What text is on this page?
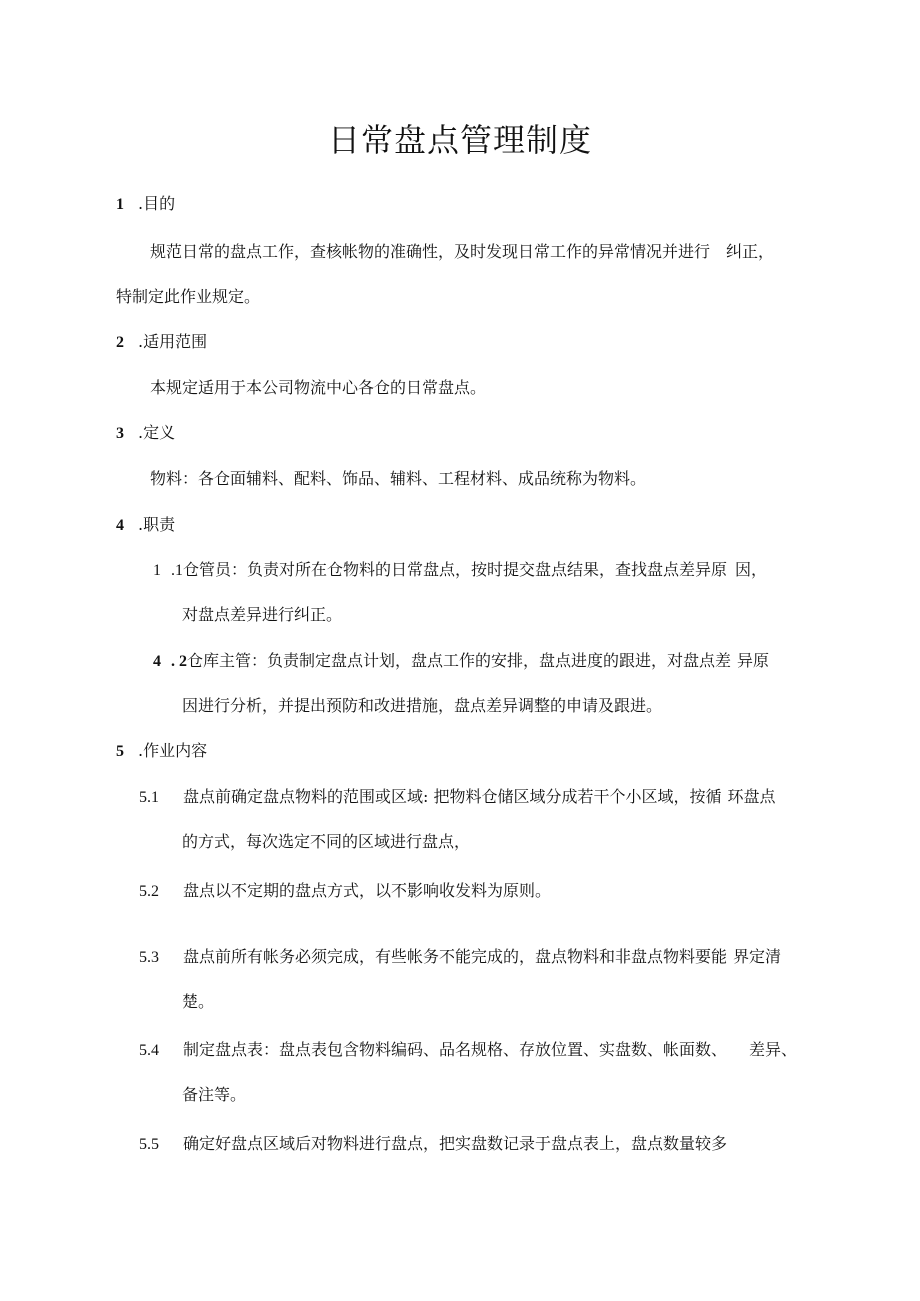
日常盘点管理制度
1 .目的
规范日常的盘点工作，查核帐物的准确性，及时发现日常工作的异常情况并进行 纠正，
特制定此作业规定。
2 .适用范围
本规定适用于本公司物流中心各仓的日常盘点。
3 .定义
物料：各仓面辅料、配料、饰品、辅料、工程材料、成品统称为物料。
4 .职责
1 .1仓管员：负责对所在仓物料的日常盘点，按时提交盘点结果，查找盘点差异原 因，
对盘点差异进行纠正。
4 . 2仓库主管：负责制定盘点计划，盘点工作的安排，盘点进度的跟进，对盘点差 异原
因进行分析，并提出预防和改进措施，盘点差异调整的申请及跟进。
5 .作业内容
5.1 盘点前确定盘点物料的范围或区域: 把物料仓储区域分成若干个小区域，按循 环盘点
的方式，每次选定不同的区域进行盘点，
5.2 盘点以不定期的盘点方式，以不影响收发料为原则。
5.3 盘点前所有帐务必须完成，有些帐务不能完成的，盘点物料和非盘点物料要能 界定清
楚。
5.4 制定盘点表：盘点表包含物料编码、品名规格、存放位置、实盘数、帐面数、 差异、
备注等。
5.5 确定好盘点区域后对物料进行盘点，把实盘数记录于盘点表上，盘点数量较多
